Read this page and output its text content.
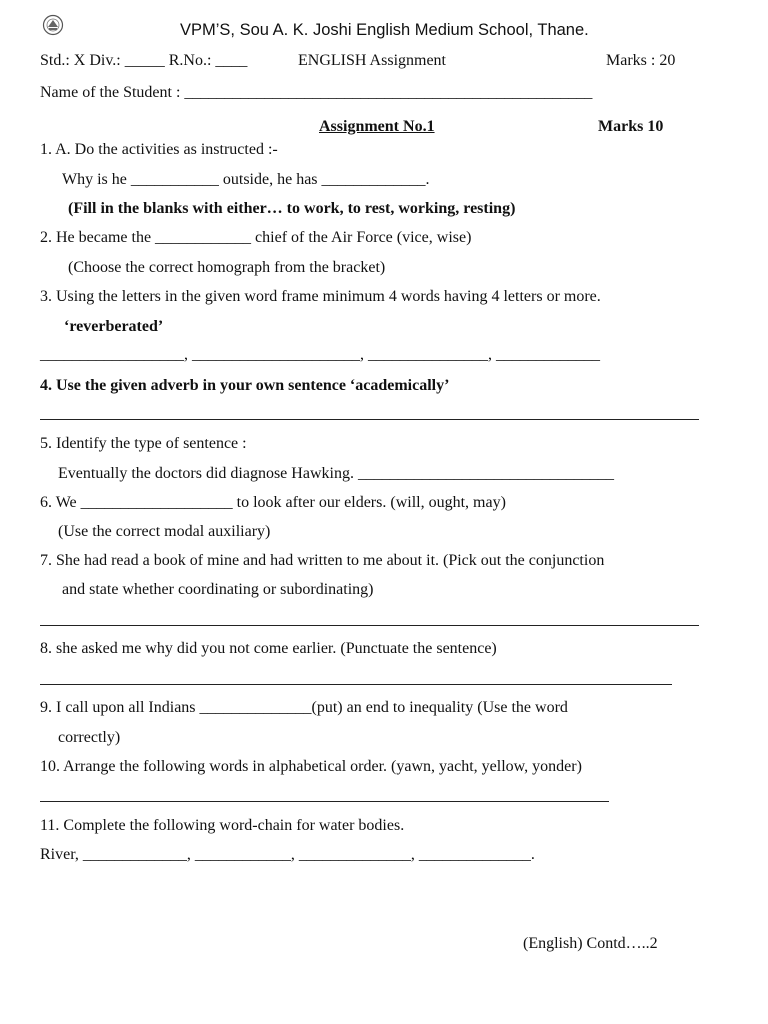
VPM’S, Sou A. K. Joshi English Medium School, Thane.
Std.: X Div.: _____ R.No.: ____	ENGLISH Assignment	Marks : 20
Name of the Student : ___________________________________________________
Assignment No.1	Marks 10
1. A. Do the activities as instructed :-
Why is he ___________ outside, he has _____________.
(Fill in the blanks with either… to work, to rest, working, resting)
2. He became the ____________ chief of the Air Force (vice, wise)
(Choose the correct homograph from the bracket)
3. Using the letters in the given word frame minimum 4 words having 4 letters or more.
‘reverberated’
__________________, _____________________, _______________, _____________
4. Use the given adverb in your own sentence ‘academically’
5. Identify the type of sentence :
Eventually the doctors did diagnose Hawking. ________________________________
6. We ___________________ to look after our elders. (will, ought, may)
(Use the correct modal auxiliary)
7. She had read a book of mine and had written to me about it. (Pick out the conjunction
and state whether coordinating or subordinating)
8. she asked me why did you not come earlier. (Punctuate the sentence)
9. I call upon all Indians ______________(put) an end to inequality (Use the word
correctly)
10. Arrange the following words in alphabetical order. (yawn, yacht, yellow, yonder)
11. Complete the following word-chain for water bodies.
River, _____________, ____________, ______________, ______________.
(English) Contd…..2
